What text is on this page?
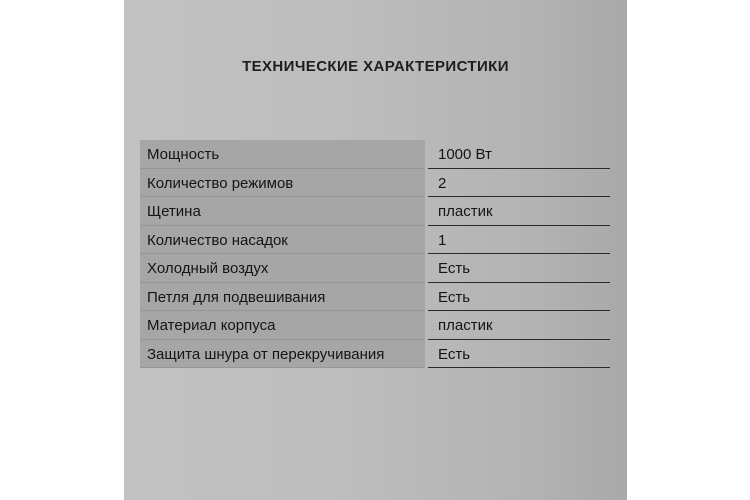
ТЕХНИЧЕСКИЕ ХАРАКТЕРИСТИКИ
Мощность	1000 Вт
Количество режимов	2
Щетина	пластик
Количество насадок	1
Холодный воздух	Есть
Петля для подвешивания	Есть
Материал корпуса	пластик
Защита шнура от перекручивания	Есть
